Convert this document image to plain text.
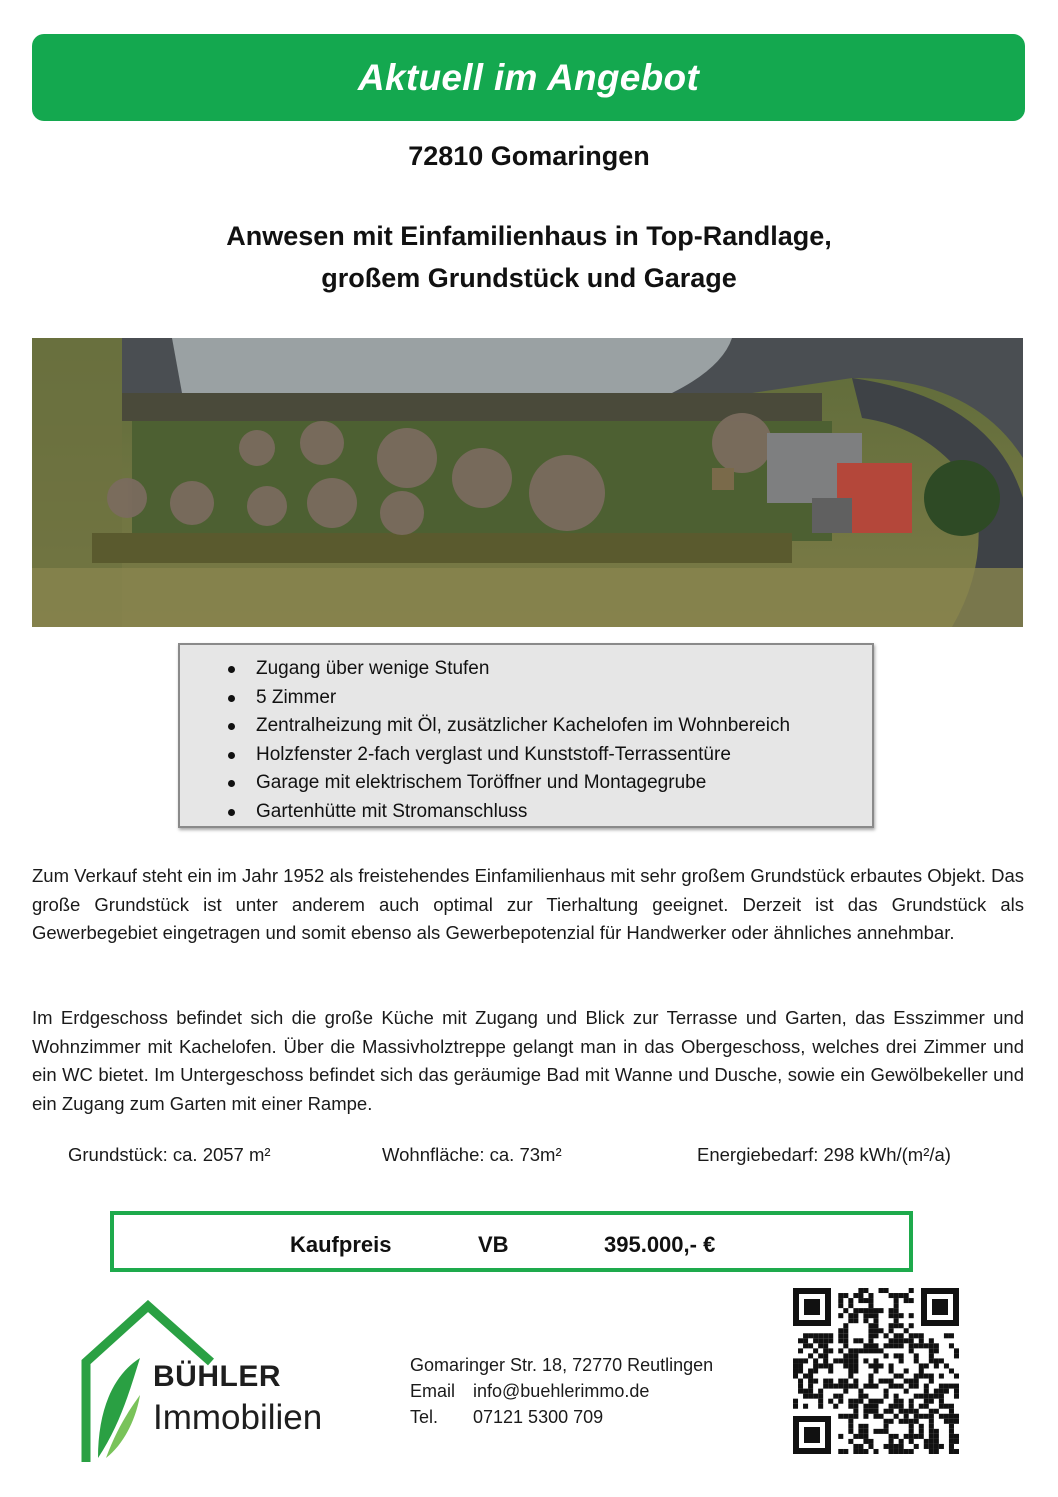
Aktuell im Angebot
72810 Gomaringen
Anwesen mit Einfamilienhaus in Top-Randlage,
großem Grundstück und Garage
Zugang über wenige Stufen
5 Zimmer
Zentralheizung mit Öl, zusätzlicher Kachelofen im Wohnbereich
Holzfenster 2-fach verglast und Kunststoff-Terrassentüre
Garage mit elektrischem Toröffner und Montagegrube
Gartenhütte mit Stromanschluss
Zum Verkauf steht ein im Jahr 1952 als freistehendes Einfamilienhaus mit sehr großem Grundstück erbautes Objekt. Das große Grundstück ist unter anderem auch optimal zur Tierhaltung geeignet. Derzeit ist das Grundstück als Gewerbegebiet eingetragen und somit ebenso als Gewerbepotenzial für Handwerker oder ähnliches annehmbar.
Im Erdgeschoss befindet sich die große Küche mit Zugang und Blick zur Terrasse und Garten, das Esszimmer und Wohnzimmer mit Kachelofen. Über die Massivholztreppe gelangt man in das Obergeschoss, welches drei Zimmer und ein WC bietet. Im Untergeschoss befindet sich das geräumige Bad mit Wanne und Dusche, sowie ein Gewölbekeller und ein Zugang zum Garten mit einer Rampe.
Grundstück: ca. 2057 m²	Wohnfläche: ca. 73m²	Energiebedarf: 298 kWh/(m²/a)
Kaufpreis	VB	395.000,- €
BÜHLER
Immobilien
Gomaringer Str. 18, 72770 Reutlingen
Email info@buehlerimmo.de
Tel. 07121 5300 709
